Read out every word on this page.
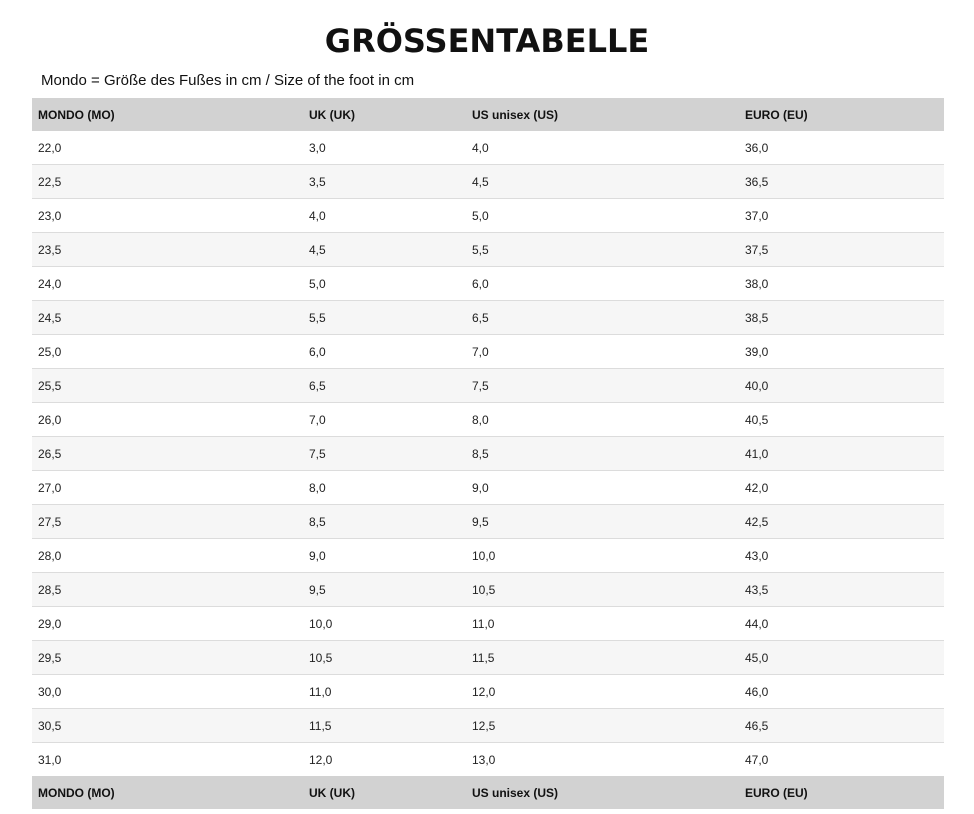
GRÖSSENTABELLE
Mondo = Größe des Fußes in cm / Size of the foot in cm
MONDO (MO)	UK (UK)	US unisex (US)	EURO (EU)
22,0	3,0	4,0	36,0
22,5	3,5	4,5	36,5
23,0	4,0	5,0	37,0
23,5	4,5	5,5	37,5
24,0	5,0	6,0	38,0
24,5	5,5	6,5	38,5
25,0	6,0	7,0	39,0
25,5	6,5	7,5	40,0
26,0	7,0	8,0	40,5
26,5	7,5	8,5	41,0
27,0	8,0	9,0	42,0
27,5	8,5	9,5	42,5
28,0	9,0	10,0	43,0
28,5	9,5	10,5	43,5
29,0	10,0	11,0	44,0
29,5	10,5	11,5	45,0
30,0	11,0	12,0	46,0
30,5	11,5	12,5	46,5
31,0	12,0	13,0	47,0
MONDO (MO)	UK (UK)	US unisex (US)	EURO (EU)
